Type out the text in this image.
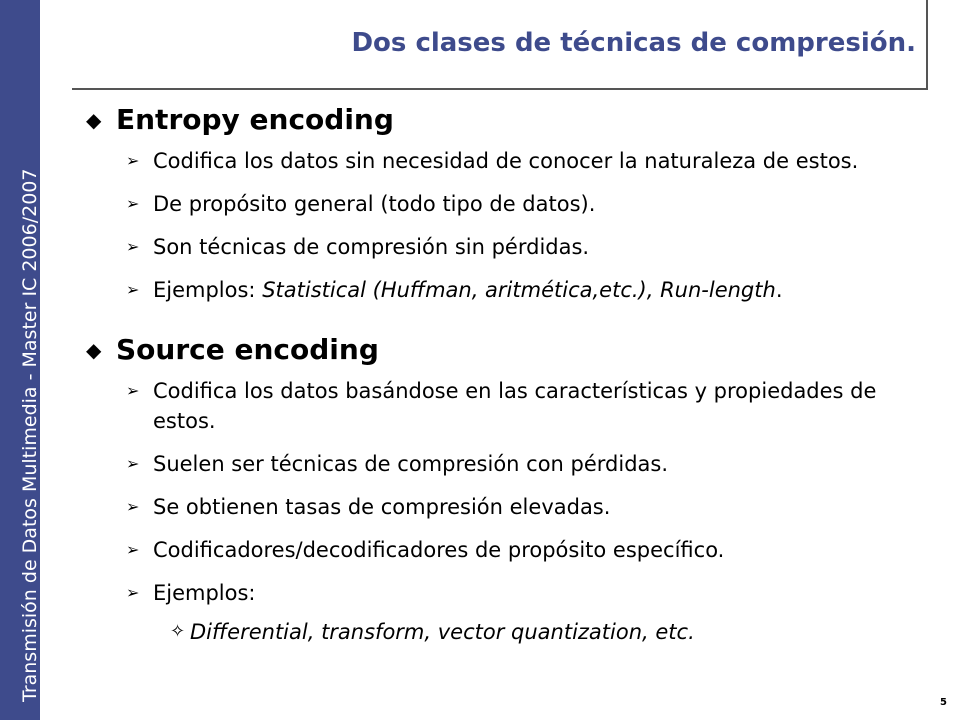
Transmisión de Datos Multimedia - Master IC 2006/2007
Dos clases de técnicas de compresión.
◆ Entropy encoding
➢ Codifica los datos sin necesidad de conocer la naturaleza de estos.
➢ De propósito general (todo tipo de datos).
➢ Son técnicas de compresión sin pérdidas.
➢ Ejemplos: Statistical (Huffman, aritmética,etc.), Run-length.
◆ Source encoding
➢ Codifica los datos basándose en las características y propiedades de estos.
➢ Suelen ser técnicas de compresión con pérdidas.
➢ Se obtienen tasas de compresión elevadas.
➢ Codificadores/decodificadores de propósito específico.
➢ Ejemplos:
✧ Differential, transform, vector quantization, etc.
5
